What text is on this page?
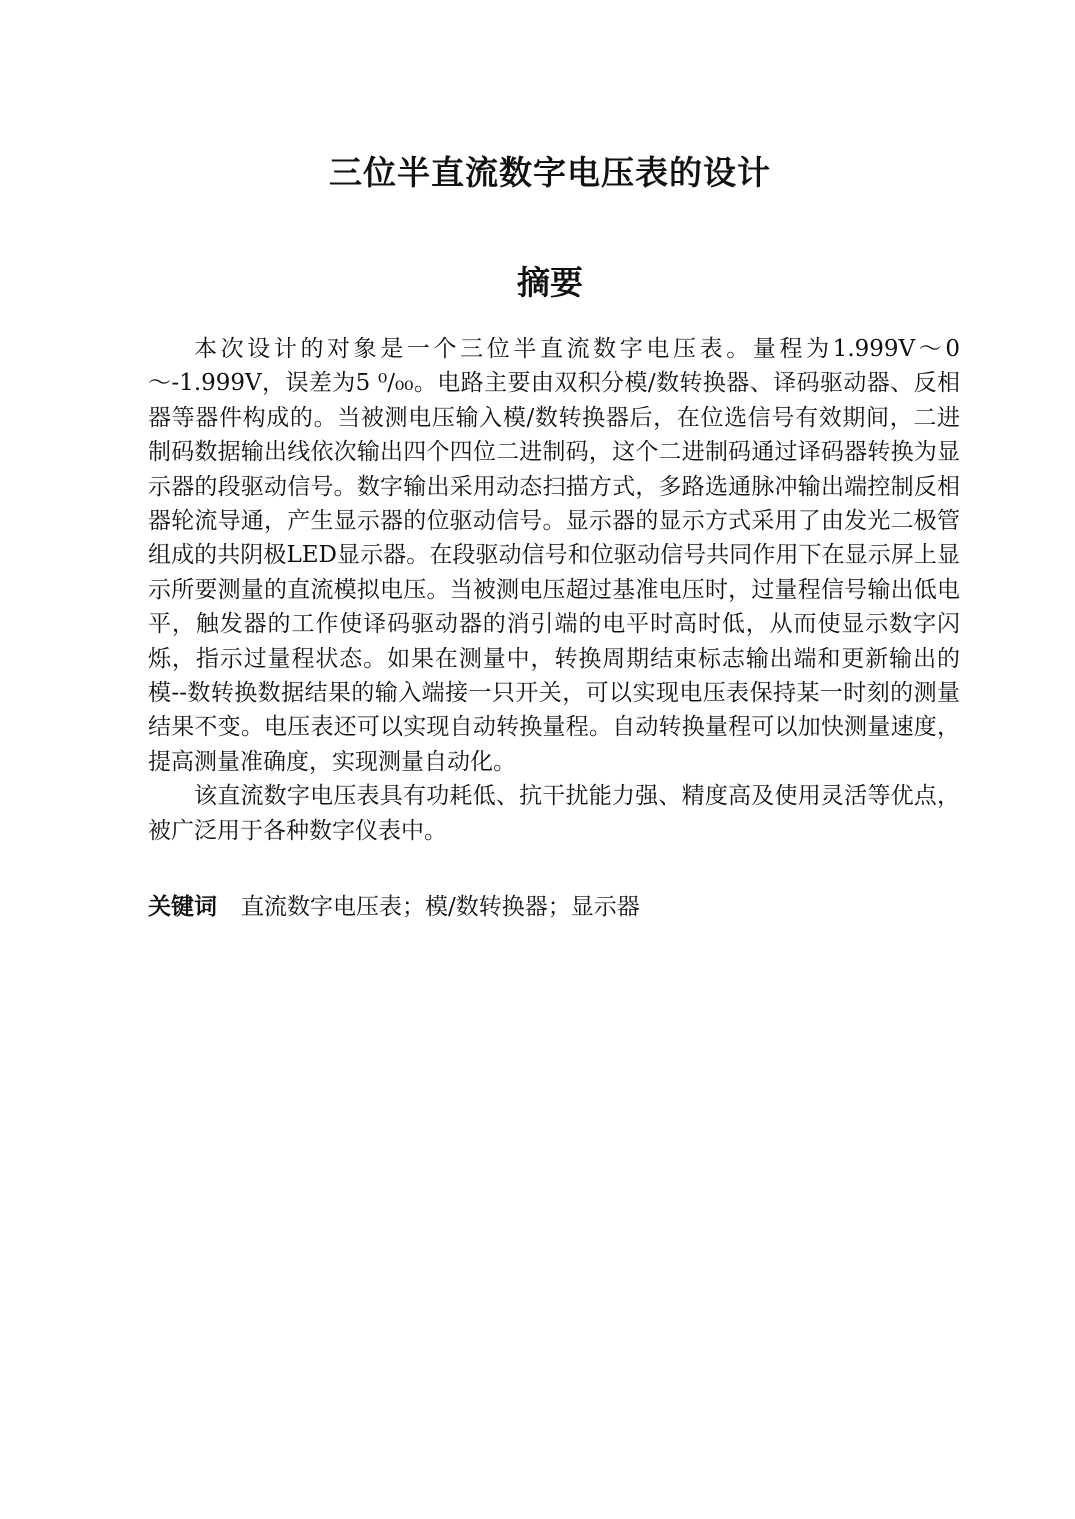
三位半直流数字电压表的设计
摘要

本次设计的对象是一个三位半直流数字电压表。量程为1.999V～0～-1.999V，误差为5 ⁰/₀₀。电路主要由双积分模/数转换器、译码驱动器、反相器等器件构成的。当被测电压输入模/数转换器后，在位选信号有效期间，二进制码数据输出线依次输出四个四位二进制码，这个二进制码通过译码器转换为显示器的段驱动信号。数字输出采用动态扫描方式，多路选通脉冲输出端控制反相器轮流导通，产生显示器的位驱动信号。显示器的显示方式采用了由发光二极管组成的共阴极LED显示器。在段驱动信号和位驱动信号共同作用下在显示屏上显示所要测量的直流模拟电压。当被测电压超过基准电压时，过量程信号输出低电平，触发器的工作使译码驱动器的消引端的电平时高时低，从而使显示数字闪烁，指示过量程状态。如果在测量中，转换周期结束标志输出端和更新输出的模--数转换数据结果的输入端接一只开关，可以实现电压表保持某一时刻的测量结果不变。电压表还可以实现自动转换量程。自动转换量程可以加快测量速度，提高测量准确度，实现测量自动化。

该直流数字电压表具有功耗低、抗干扰能力强、精度高及使用灵活等优点，被广泛用于各种数字仪表中。

关键词 直流数字电压表；模/数转换器；显示器
